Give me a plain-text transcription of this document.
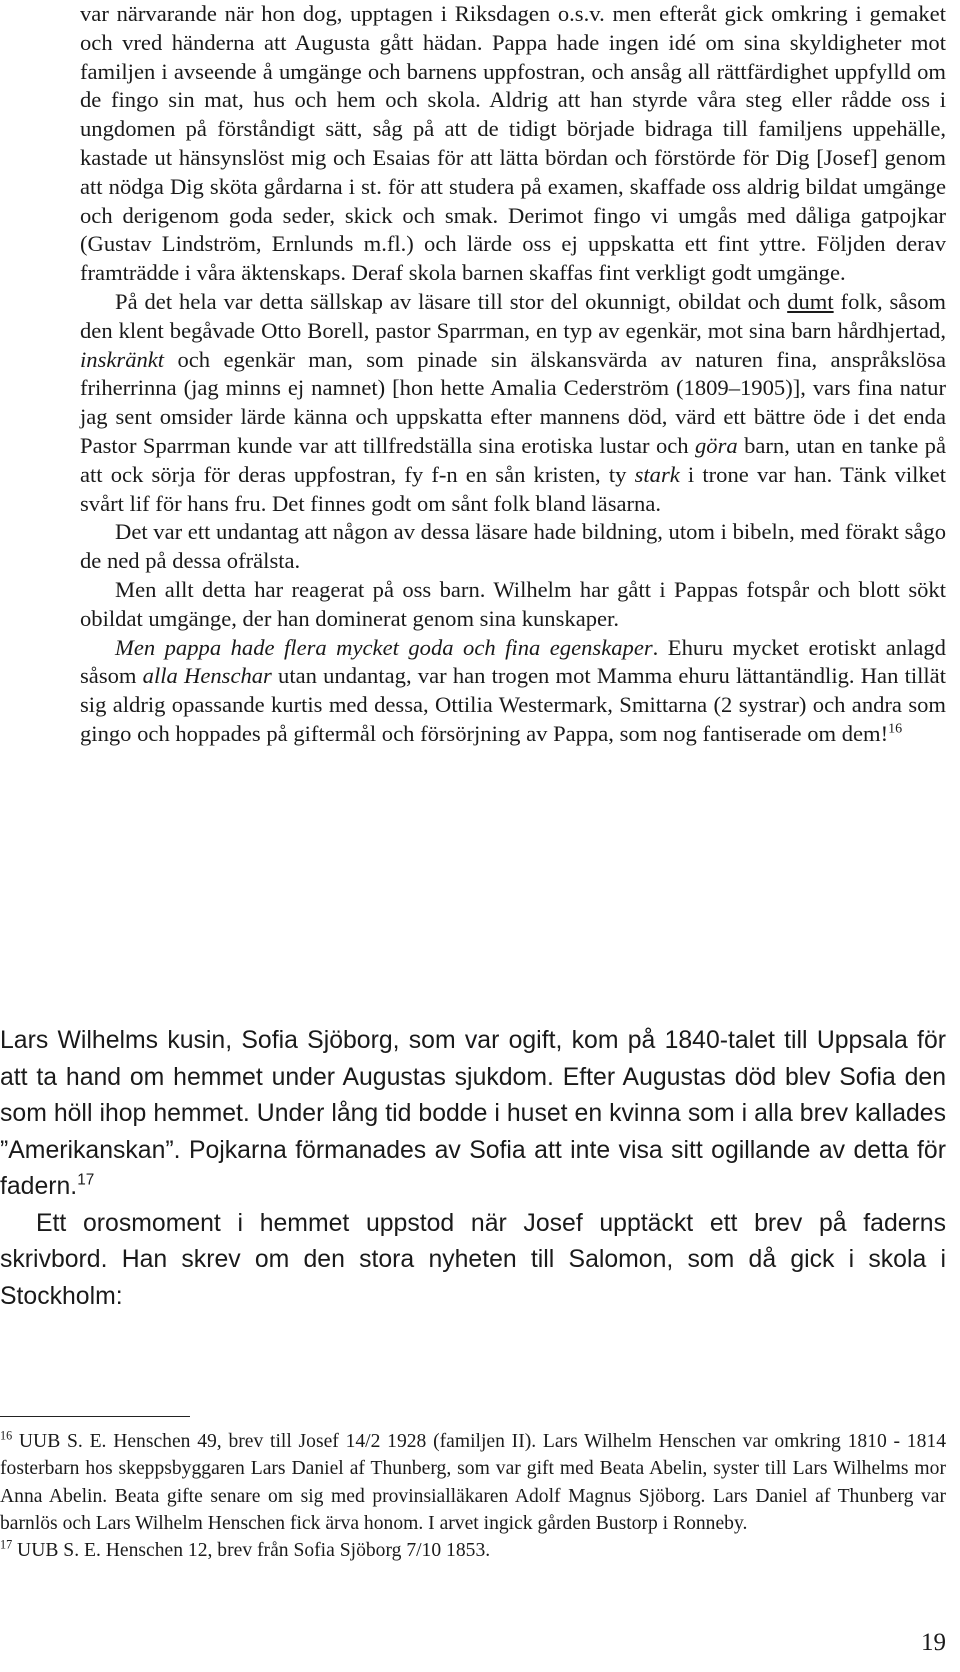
var närvarande när hon dog, upptagen i Riksdagen o.s.v. men efteråt gick omkring i gemaket och vred händerna att Augusta gått hädan. Pappa hade ingen idé om sina skyldigheter mot familjen i avseende å umgänge och barnens uppfostran, och ansåg all rättfärdighet uppfylld om de fingo sin mat, hus och hem och skola. Aldrig att han styrde våra steg eller rådde oss i ungdomen på förståndigt sätt, såg på att de tidigt började bidraga till familjens uppehälle, kastade ut hänsynslöst mig och Esaias för att lätta bördan och förstörde för Dig [Josef] genom att nödga Dig sköta gårdarna i st. för att studera på examen, skaffade oss aldrig bildat umgänge och derigenom goda seder, skick och smak. Derimot fingo vi umgås med dåliga gatpojkar (Gustav Lindström, Ernlunds m.fl.) och lärde oss ej uppskatta ett fint yttre. Följden derav framträdde i våra äktenskaps. Deraf skola barnen skaffas fint verkligt godt umgänge.

På det hela var detta sällskap av läsare till stor del okunnigt, obildat och dumt folk, såsom den klent begåvade Otto Borell, pastor Sparrman, en typ av egenkär, mot sina barn hårdhjertad, inskränkt och egenkär man, som pinade sin älskansvärda av naturen fina, anspråkslösa friherrinna (jag minns ej namnet) [hon hette Amalia Cederström (1809–1905)], vars fina natur jag sent omsider lärde känna och uppskatta efter mannens död, värd ett bättre öde i det enda Pastor Sparrman kunde var att tillfredställa sina erotiska lustar och göra barn, utan en tanke på att ock sörja för deras uppfostran, fy f-n en sån kristen, ty stark i trone var han. Tänk vilket svårt lif för hans fru. Det finnes godt om sånt folk bland läsarna.

Det var ett undantag att någon av dessa läsare hade bildning, utom i bibeln, med förakt sågo de ned på dessa ofrälsta.

Men allt detta har reagerat på oss barn. Wilhelm har gått i Pappas fotspår och blott sökt obildat umgänge, der han dominerat genom sina kunskaper.

Men pappa hade flera mycket goda och fina egenskaper. Ehuru mycket erotiskt anlagd såsom alla Henschar utan undantag, var han trogen mot Mamma ehuru lättantändlig. Han tillät sig aldrig opassande kurtis med dessa, Ottilia Westermark, Smittarna (2 systrar) och andra som gingo och hoppades på giftermål och försörjning av Pappa, som nog fantiserade om dem!$^{16}$

Lars Wilhelms kusin, Sofia Sjöborg, som var ogift, kom på 1840-talet till Uppsala för att ta hand om hemmet under Augustas sjukdom. Efter Augustas död blev Sofia den som höll ihop hemmet. Under lång tid bodde i huset en kvinna som i alla brev kallades ”Amerikanskan”. Pojkarna förmanades av Sofia att inte visa sitt ogillande av detta för fadern.$^{17}$

Ett orosmoment i hemmet uppstod när Josef upptäckt ett brev på faderns skrivbord. Han skrev om den stora nyheten till Salomon, som då gick i skola i Stockholm:

$^{16}$ UUB S. E. Henschen 49, brev till Josef 14/2 1928 (familjen II). Lars Wilhelm Henschen var omkring 1810 - 1814 fosterbarn hos skeppsbyggaren Lars Daniel af Thunberg, som var gift med Beata Abelin, syster till Lars Wilhelms mor Anna Abelin. Beata gifte senare om sig med provinsialläkaren Adolf Magnus Sjöborg. Lars Daniel af Thunberg var barnlös och Lars Wilhelm Henschen fick ärva honom. I arvet ingick gården Bustorp i Ronneby.

$^{17}$ UUB S. E. Henschen 12, brev från Sofia Sjöborg 7/10 1853.

19
